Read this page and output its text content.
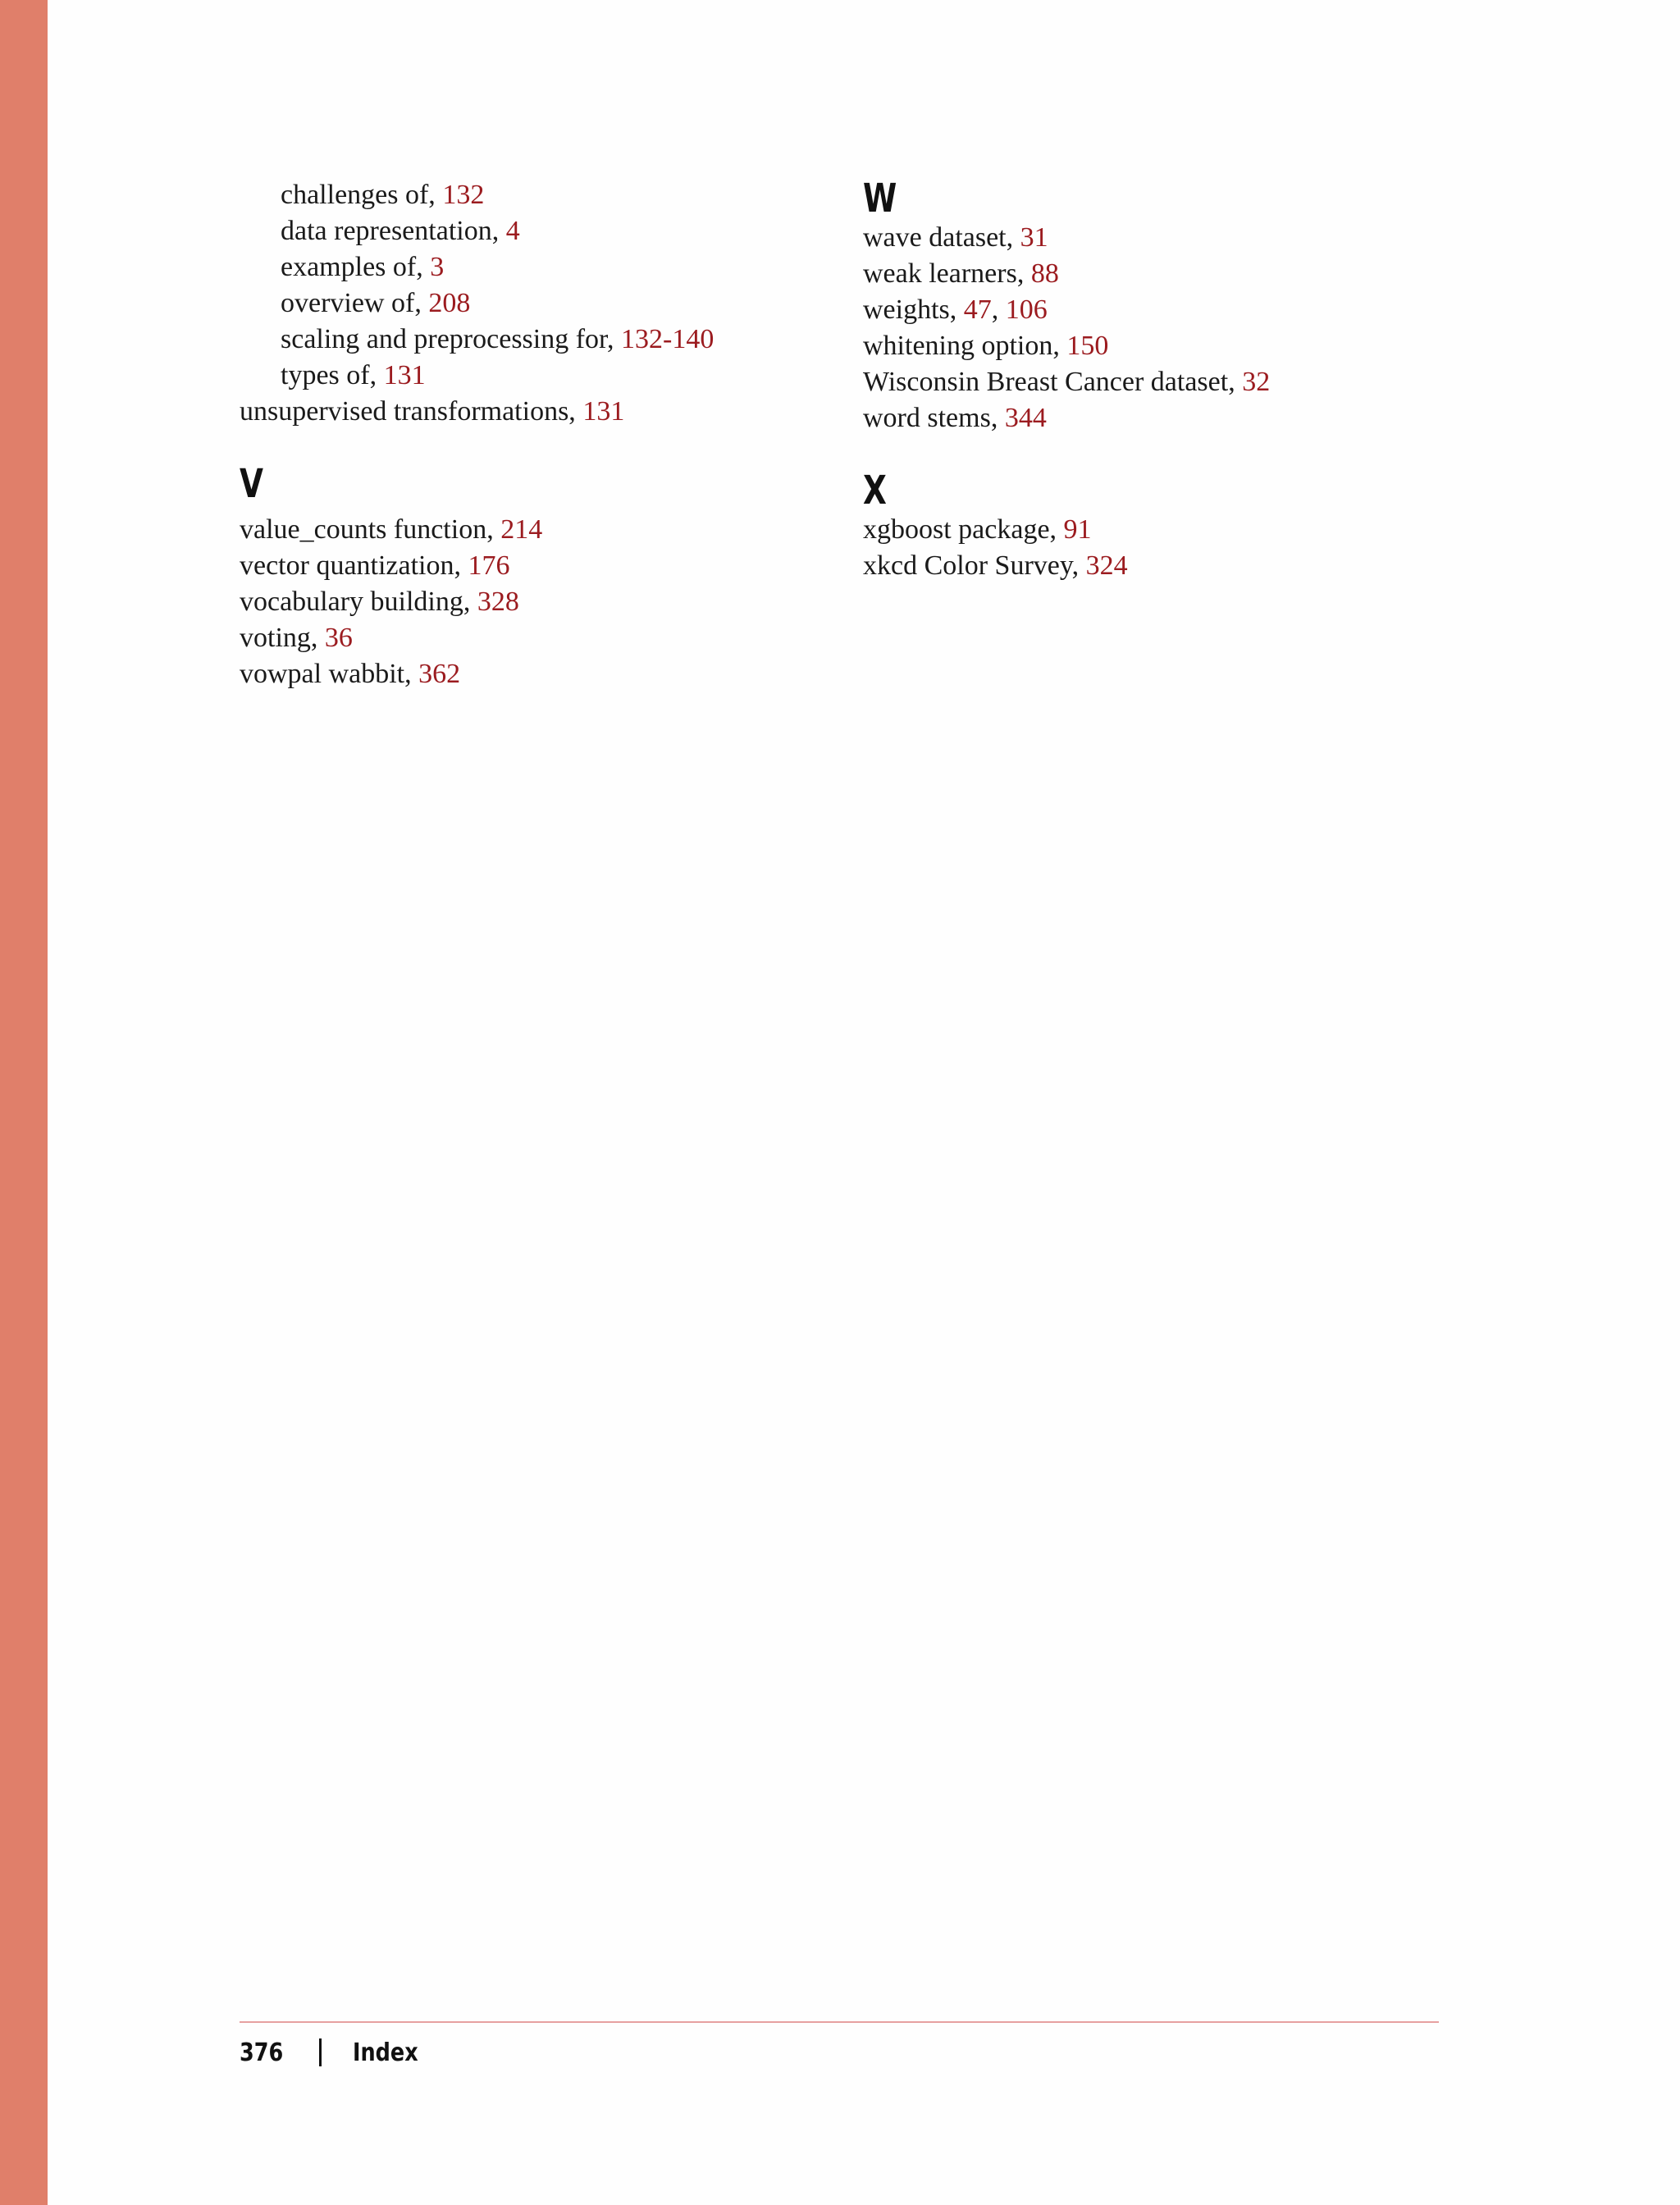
challenges of, 132
data representation, 4
examples of, 3
overview of, 208
scaling and preprocessing for, 132-140
types of, 131
unsupervised transformations, 131
V
value_counts function, 214
vector quantization, 176
vocabulary building, 328
voting, 36
vowpal wabbit, 362
W
wave dataset, 31
weak learners, 88
weights, 47, 106
whitening option, 150
Wisconsin Breast Cancer dataset, 32
word stems, 344
X
xgboost package, 91
xkcd Color Survey, 324
376	Index
